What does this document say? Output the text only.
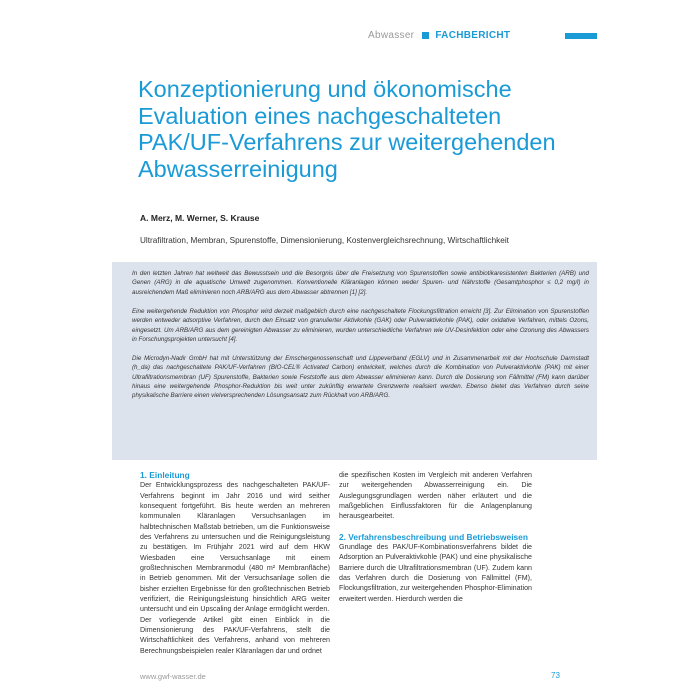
Abwasser FACHBERICHT
Konzeptionierung und ökonomische Evaluation eines nachgeschalteten PAK/UF-Verfahrens zur weitergehenden Abwasserreinigung
A. Merz, M. Werner, S. Krause
Ultrafiltration, Membran, Spurenstoffe, Dimensionierung, Kostenvergleichsrechnung, Wirtschaftlichkeit

In den letzten Jahren hat weltweit das Bewusstsein und die Besorgnis über die Freisetzung von Spurenstoffen sowie antibiotikaresistenten Bakterien (ARB) und Genen (ARG) in die aquatische Umwelt zugenommen. Konventionelle Kläranlagen können weder Spuren- und Nährstoffe (Gesamtphosphor ≤ 0,2 mg/l) in ausreichendem Maß eliminieren noch ARB/ARG aus dem Abwasser abtrennen [1] [2].

Eine weitergehende Reduktion von Phosphor wird derzeit maßgeblich durch eine nachgeschaltete Flockungsfiltration erreicht [3]. Zur Elimination von Spurenstoffen werden entweder adsorptive Verfahren, durch den Einsatz von granulierter Aktivkohle (GAK) oder Pulveraktivkohle (PAK), oder oxidative Verfahren, mittels Ozons, eingesetzt. Um ARB/ARG aus dem gereinigten Abwasser zu eliminieren, wurden unterschiedliche Verfahren wie UV-Desinfektion oder eine Ozonung des Abwassers in Forschungsprojekten untersucht [4].

Die Microdyn-Nadir GmbH hat mit Unterstützung der Emschergenossenschaft und Lippeverband (EGLV) und in Zusammenarbeit mit der Hochschule Darmstadt (h_da) das nachgeschaltete PAK/UF-Verfahren (BIO-CEL® Activated Carbon) entwickelt, welches durch die Kombination von Pulveraktivkohle (PAK) mit einer Ultrafiltrationsmembran (UF) Spurenstoffe, Bakterien sowie Feststoffe aus dem Abwasser eliminieren kann. Durch die Dosierung von Fällmittel (FM) kann darüber hinaus eine weitergehende Phosphor-Reduktion bis weit unter zukünftig erwartete Grenzwerte realisiert werden. Ebenso bietet das Verfahren durch seine physikalische Barriere einen vielversprechenden Lösungsansatz zum Rückhalt von ARB/ARG.

1. Einleitung

Der Entwicklungsprozess des nachgeschalteten PAK/UF-Verfahrens beginnt im Jahr 2016 und wird seither konsequent fortgeführt. Bis heute werden an mehreren kommunalen Kläranlagen Versuchsanlagen im halbtechnischen Maßstab betrieben, um die Funktionsweise des Verfahrens zu untersuchen und die Reinigungsleistung zu bestätigen. Im Frühjahr 2021 wird auf dem HKW Wiesbaden eine Versuchsanlage mit einem großtechnischen Membranmodul (480 m² Membranfläche) in Betrieb genommen. Mit der Versuchsanlage sollen die bisher erzielten Ergebnisse für den großtechnischen Betrieb verifiziert, die Reinigungsleistung hinsichtlich ARG weiter untersucht und ein Upscaling der Anlage ermöglicht werden.

Der vorliegende Artikel gibt einen Einblick in die Dimensionierung des PAK/UF-Verfahrens, stellt die Wirtschaftlichkeit des Verfahrens, anhand von mehreren Berechnungsbeispielen realer Kläranlagen dar und ordnet

die spezifischen Kosten im Vergleich mit anderen Verfahren zur weitergehenden Abwasserreinigung ein. Die Auslegungsgrundlagen werden näher erläutert und die maßgeblichen Einflussfaktoren für die Anlagenplanung herausgearbeitet.

2. Verfahrensbeschreibung und Betriebsweisen

Grundlage des PAK/UF-Kombinationsverfahrens bildet die Adsorption an Pulveraktivkohle (PAK) und eine physikalische Barriere durch die Ultrafiltrationsmembran (UF). Zudem kann das Verfahren durch die Dosierung von Fällmittel (FM), Flockungsfiltration, zur weitergehenden Phosphor-Elimination erweitert werden. Hierdurch werden die

www.gwf-wasser.de	73
